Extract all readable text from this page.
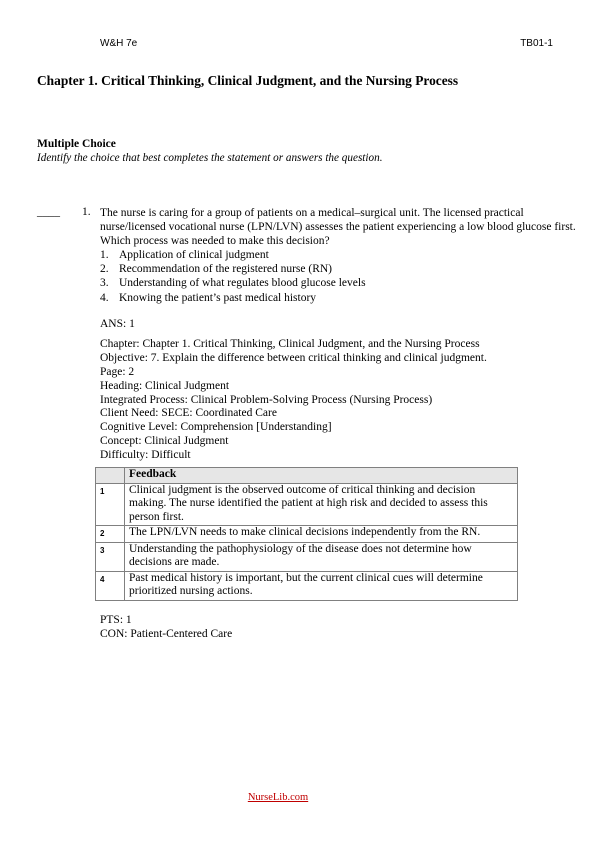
W&H 7e	TB01-1
Chapter 1. Critical Thinking, Clinical Judgment, and the Nursing Process
Multiple Choice
Identify the choice that best completes the statement or answers the question.
____ 1. The nurse is caring for a group of patients on a medical–surgical unit. The licensed practical nurse/licensed vocational nurse (LPN/LVN) assesses the patient experiencing a low blood glucose first. Which process was needed to make this decision?
1. Application of clinical judgment
2. Recommendation of the registered nurse (RN)
3. Understanding of what regulates blood glucose levels
4. Knowing the patient’s past medical history
ANS: 1
Chapter: Chapter 1. Critical Thinking, Clinical Judgment, and the Nursing Process
Objective: 7. Explain the difference between critical thinking and clinical judgment.
Page: 2
Heading: Clinical Judgment
Integrated Process: Clinical Problem-Solving Process (Nursing Process)
Client Need: SECE: Coordinated Care
Cognitive Level: Comprehension [Understanding]
Concept: Clinical Judgment
Difficulty: Difficult
	Feedback
1	Clinical judgment is the observed outcome of critical thinking and decision making. The nurse identified the patient at high risk and decided to assess this person first.
2	The LPN/LVN needs to make clinical decisions independently from the RN.
3	Understanding the pathophysiology of the disease does not determine how decisions are made.
4	Past medical history is important, but the current clinical cues will determine prioritized nursing actions.
PTS: 1
CON: Patient-Centered Care
NurseLib.com
